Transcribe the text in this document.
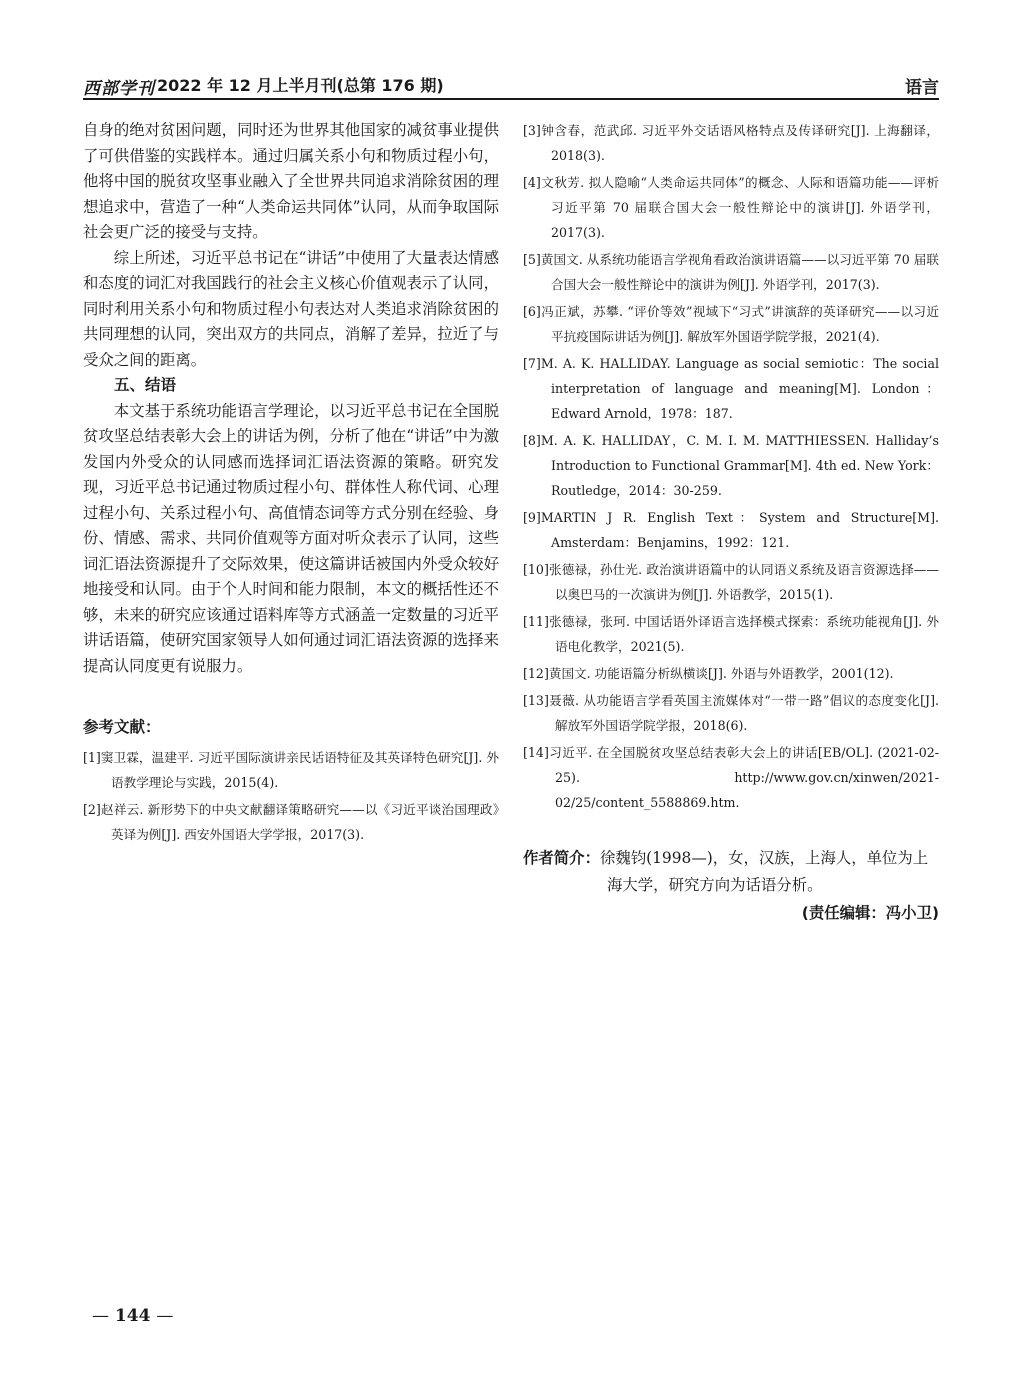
西部学刊 2022 年 12 月上半月刊(总第 176 期)	语言

自身的绝对贫困问题，同时还为世界其他国家的减贫事业提供了可供借鉴的实践样本。通过归属关系小句和物质过程小句，他将中国的脱贫攻坚事业融入了全世界共同追求消除贫困的理想追求中，营造了一种“人类命运共同体”认同，从而争取国际社会更广泛的接受与支持。

综上所述，习近平总书记在“讲话”中使用了大量表达情感和态度的词汇对我国践行的社会主义核心价值观表示了认同，同时利用关系小句和物质过程小句表达对人类追求消除贫困的共同理想的认同，突出双方的共同点，消解了差异，拉近了与受众之间的距离。

五、结语

本文基于系统功能语言学理论，以习近平总书记在全国脱贫攻坚总结表彰大会上的讲话为例，分析了他在“讲话”中为激发国内外受众的认同感而选择词汇语法资源的策略。研究发现，习近平总书记通过物质过程小句、群体性人称代词、心理过程小句、关系过程小句、高值情态词等方式分别在经验、身份、情感、需求、共同价值观等方面对听众表示了认同，这些词汇语法资源提升了交际效果，使这篇讲话被国内外受众较好地接受和认同。由于个人时间和能力限制，本文的概括性还不够，未来的研究应该通过语料库等方式涵盖一定数量的习近平讲话语篇，使研究国家领导人如何通过词汇语法资源的选择来提高认同度更有说服力。

参考文献：

[1]窦卫霖，温建平. 习近平国际演讲亲民话语特征及其英译特色研究[J]. 外语教学理论与实践，2015(4).

[2]赵祥云. 新形势下的中央文献翻译策略研究——以《习近平谈治国理政》英译为例[J]. 西安外国语大学学报，2017(3).

[3]钟含春，范武邱. 习近平外交话语风格特点及传译研究[J]. 上海翻译，2018(3).

[4]文秋芳. 拟人隐喻“人类命运共同体”的概念、人际和语篇功能——评析习近平第 70 届联合国大会一般性辩论中的演讲[J]. 外语学刊，2017(3).

[5]黄国文. 从系统功能语言学视角看政治演讲语篇——以习近平第 70 届联合国大会一般性辩论中的演讲为例[J]. 外语学刊，2017(3).

[6]冯正斌，苏攀. “评价等效”视域下“习式”讲演辞的英译研究——以习近平抗疫国际讲话为例[J]. 解放军外国语学院学报，2021(4).

[7]M. A. K. HALLIDAY. Language as social semiotic：The social interpretation of language and meaning[M]. London：Edward Arnold，1978：187.

[8]M. A. K. HALLIDAY，C. M. I. M. MATTHIESSEN. Halliday’s Introduction to Functional Grammar[M]. 4th ed. New York：Routledge，2014：30-259.

[9]MARTIN J R. English Text：System and Structure[M]. Amsterdam：Benjamins，1992：121.

[10]张德禄，孙仕光. 政治演讲语篇中的认同语义系统及语言资源选择——以奥巴马的一次演讲为例[J]. 外语教学，2015(1).

[11]张德禄，张珂. 中国话语外译语言选择模式探索：系统功能视角[J]. 外语电化教学，2021(5).

[12]黄国文. 功能语篇分析纵横谈[J]. 外语与外语教学，2001(12).

[13]聂薇. 从功能语言学看英国主流媒体对“一带一路”倡议的态度变化[J]. 解放军外国语学院学报，2018(6).

[14]习近平. 在全国脱贫攻坚总结表彰大会上的讲话[EB/OL]. (2021-02-25). http://www.gov.cn/xinwen/2021-02/25/content_5588869.htm.

作者简介：徐魏钧(1998—)，女，汉族，上海人，单位为上海大学，研究方向为话语分析。

(责任编辑：冯小卫)

— 144 —
